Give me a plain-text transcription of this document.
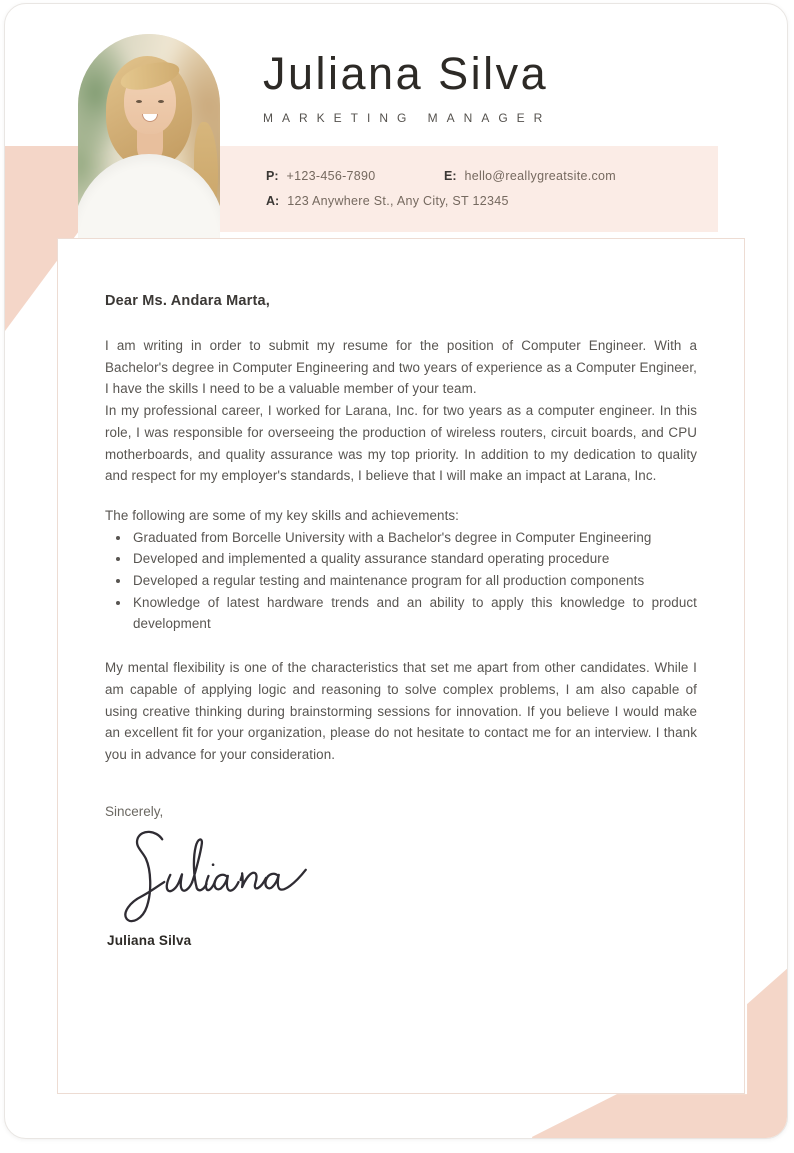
Juliana Silva
MARKETING MANAGER
P: +123-456-7890	E: hello@reallygreatsite.com
A: 123 Anywhere St., Any City, ST 12345
Dear Ms. Andara Marta,

I am writing in order to submit my resume for the position of Computer Engineer. With a Bachelor's degree in Computer Engineering and two years of experience as a Computer Engineer, I have the skills I need to be a valuable member of your team.

In my professional career, I worked for Larana, Inc. for two years as a computer engineer. In this role, I was responsible for overseeing the production of wireless routers, circuit boards, and CPU motherboards, and quality assurance was my top priority. In addition to my dedication to quality and respect for my employer's standards, I believe that I will make an impact at Larana, Inc.

The following are some of my key skills and achievements:
• Graduated from Borcelle University with a Bachelor's degree in Computer Engineering
• Developed and implemented a quality assurance standard operating procedure
• Developed a regular testing and maintenance program for all production components
• Knowledge of latest hardware trends and an ability to apply this knowledge to product development
My mental flexibility is one of the characteristics that set me apart from other candidates. While I am capable of applying logic and reasoning to solve complex problems, I am also capable of using creative thinking during brainstorming sessions for innovation. If you believe I would make an excellent fit for your organization, please do not hesitate to contact me for an interview. I thank you in advance for your consideration.
Sincerely,
Juliana Silva
